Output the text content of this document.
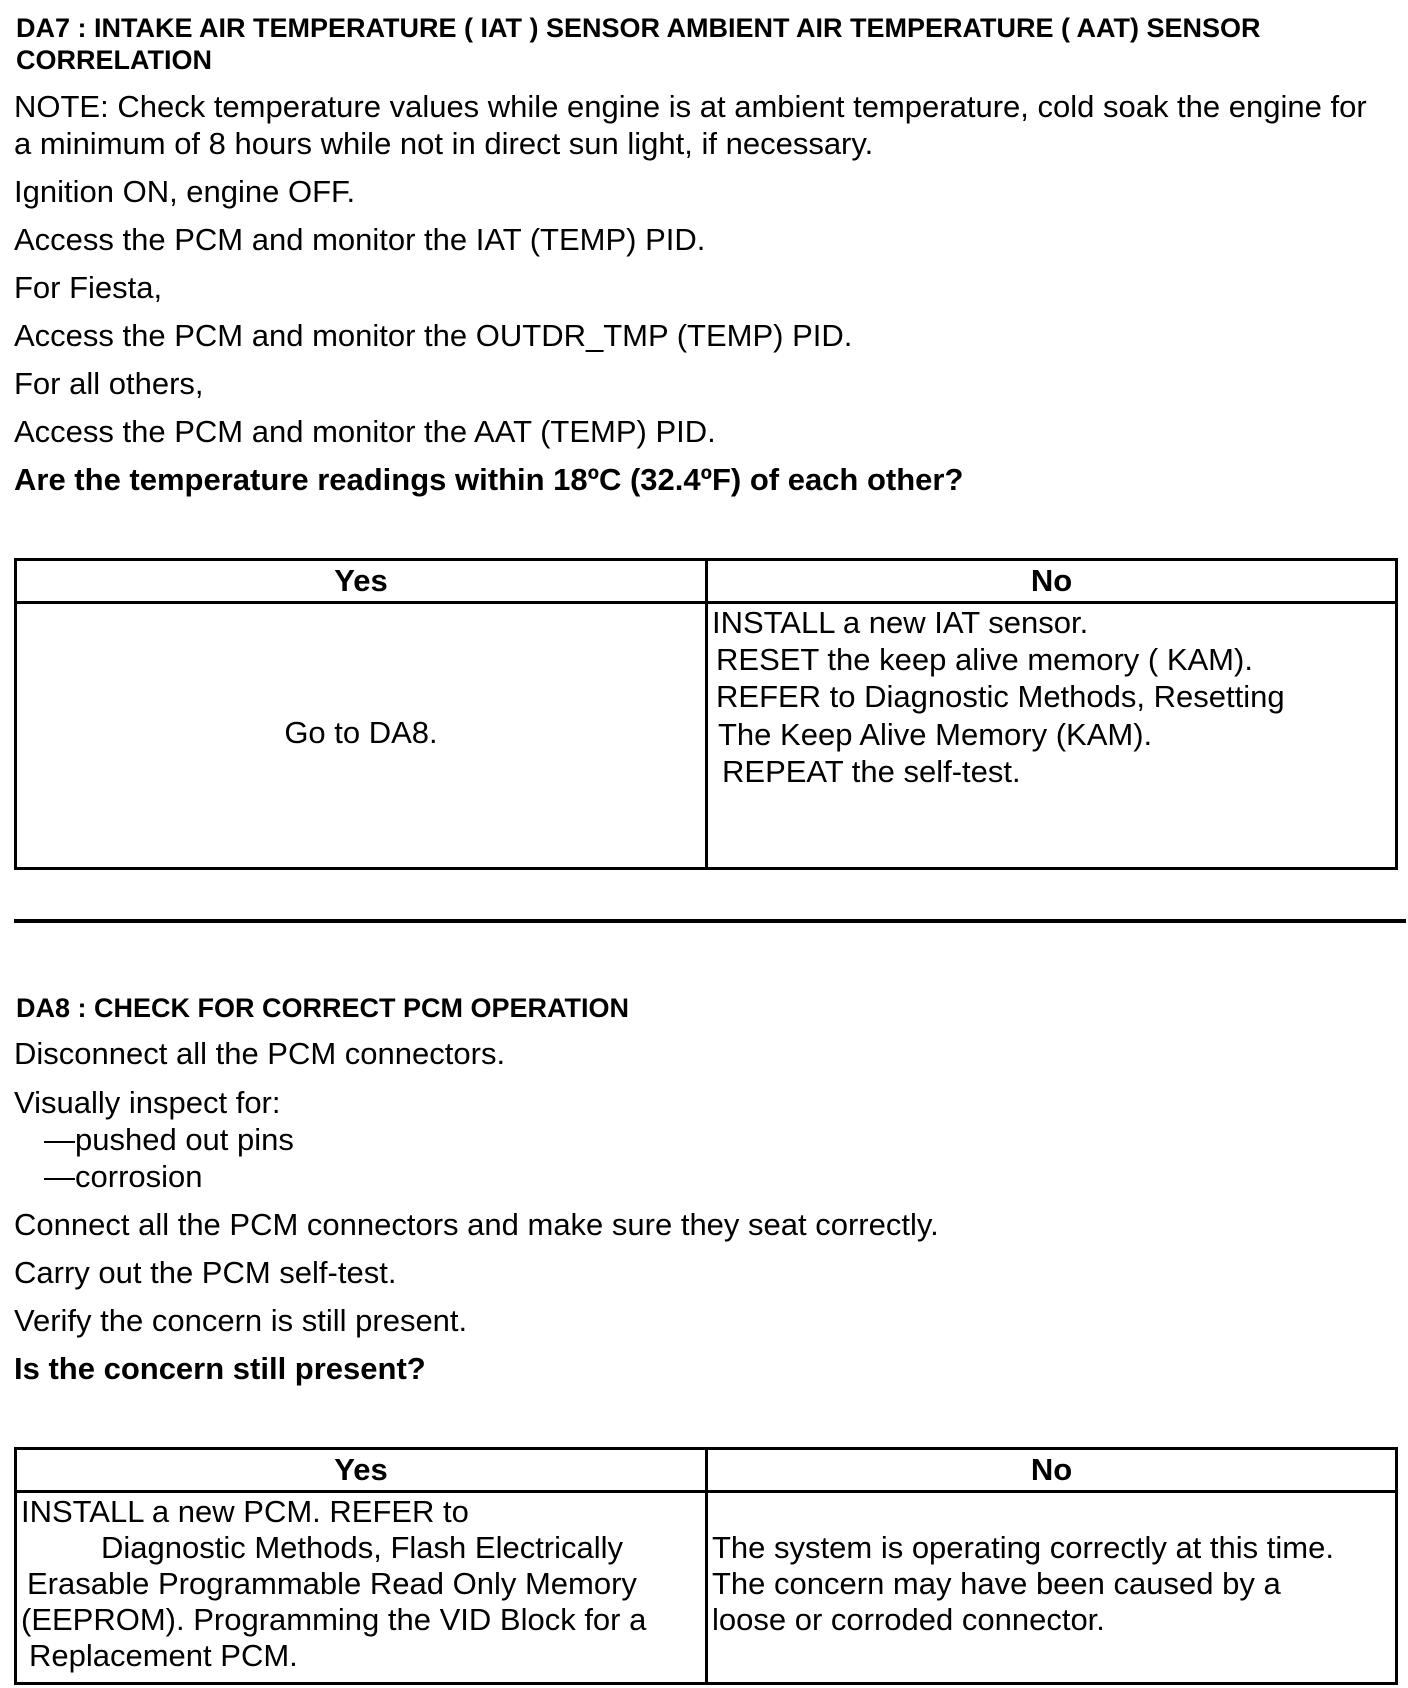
DA7 : INTAKE AIR TEMPERATURE ( IAT ) SENSOR AMBIENT AIR TEMPERATURE ( AAT) SENSOR
CORRELATION
NOTE: Check temperature values while engine is at ambient temperature, cold soak the engine for a minimum of 8 hours while not in direct sun light, if necessary.
Ignition ON, engine OFF.
Access the PCM and monitor the IAT (TEMP) PID.
For Fiesta,
Access the PCM and monitor the OUTDR_TMP (TEMP) PID.
For all others,
Access the PCM and monitor the AAT (TEMP) PID.
Are the temperature readings within 18ºC (32.4ºF) of each other?
Yes	No
Go to DA8.
INSTALL a new IAT sensor.
RESET the keep alive memory ( KAM).
REFER to Diagnostic Methods, Resetting
The Keep Alive Memory (KAM).
REPEAT the self-test.
DA8 : CHECK FOR CORRECT PCM OPERATION
Disconnect all the PCM connectors.
Visually inspect for:
—pushed out pins
—corrosion
Connect all the PCM connectors and make sure they seat correctly.
Carry out the PCM self-test.
Verify the concern is still present.
Is the concern still present?
Yes	No
INSTALL a new PCM. REFER to
Diagnostic Methods, Flash Electrically
Erasable Programmable Read Only Memory
(EEPROM). Programming the VID Block for a
Replacement PCM.
The system is operating correctly at this time.
The concern may have been caused by a
loose or corroded connector.
